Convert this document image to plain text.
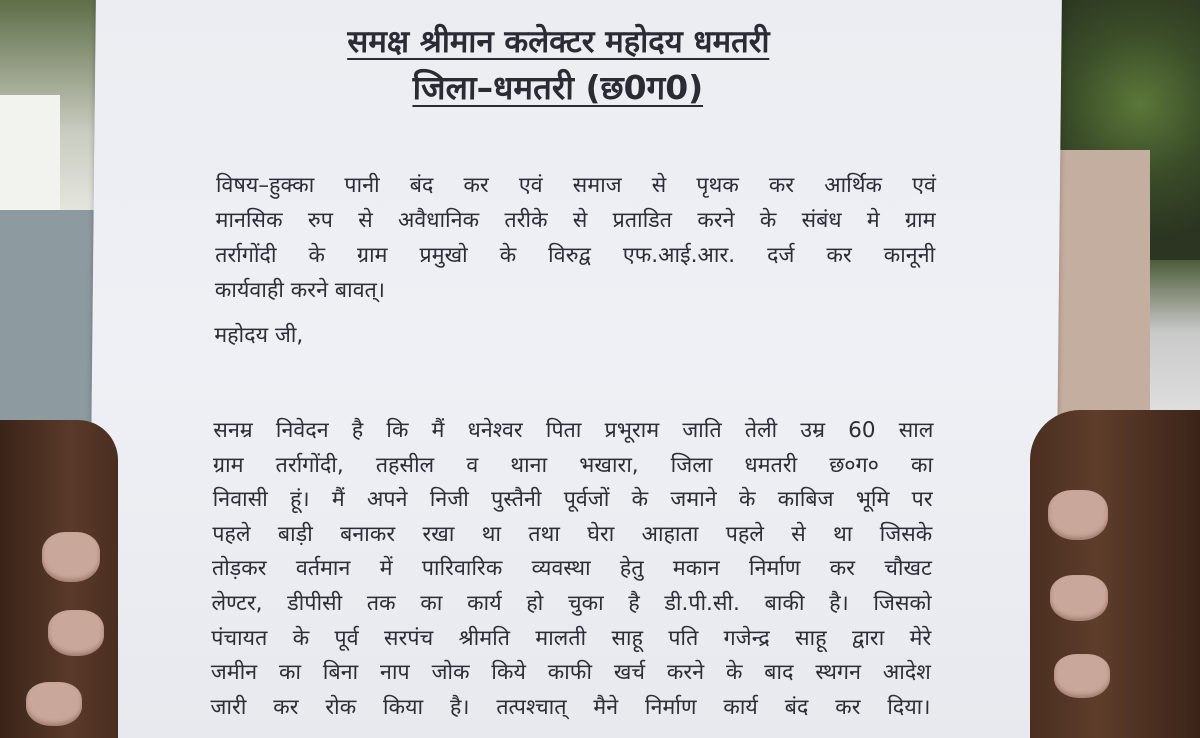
समक्ष श्रीमान कलेक्टर महोदय धमतरी
जिला–धमतरी (छ0ग0)
विषय–हुक्का पानी बंद कर एवं समाज से पृथक कर आर्थिक एवं
मानसिक रुप से अवैधानिक तरीके से प्रताडित करने के संबंध मे ग्राम
तर्रागोंदी के ग्राम प्रमुखो के विरुद्व एफ.आई.आर. दर्ज कर कानूनी
कार्यवाही करने बावत्।
महोदय जी,
सनम्र निवेदन है कि मैं धनेश्वर पिता प्रभूराम जाति तेली उम्र 60 साल
ग्राम तर्रागोंदी, तहसील व थाना भखारा, जिला धमतरी छ०ग० का
निवासी हूं। मैं अपने निजी पुस्तैनी पूर्वजों के जमाने के काबिज भूमि पर
पहले बाड़ी बनाकर रखा था तथा घेरा आहाता पहले से था जिसके
तोड़कर वर्तमान में पारिवारिक व्यवस्था हेतु मकान निर्माण कर चौखट
लेण्टर, डीपीसी तक का कार्य हो चुका है डी.पी.सी. बाकी है। जिसको
पंचायत के पूर्व सरपंच श्रीमति मालती साहू पति गजेन्द्र साहू द्वारा मेरे
जमीन का बिना नाप जोक किये काफी खर्च करने के बाद स्थगन आदेश
जारी कर रोक किया है। तत्पश्चात् मैने निर्माण कार्य बंद कर दिया।
